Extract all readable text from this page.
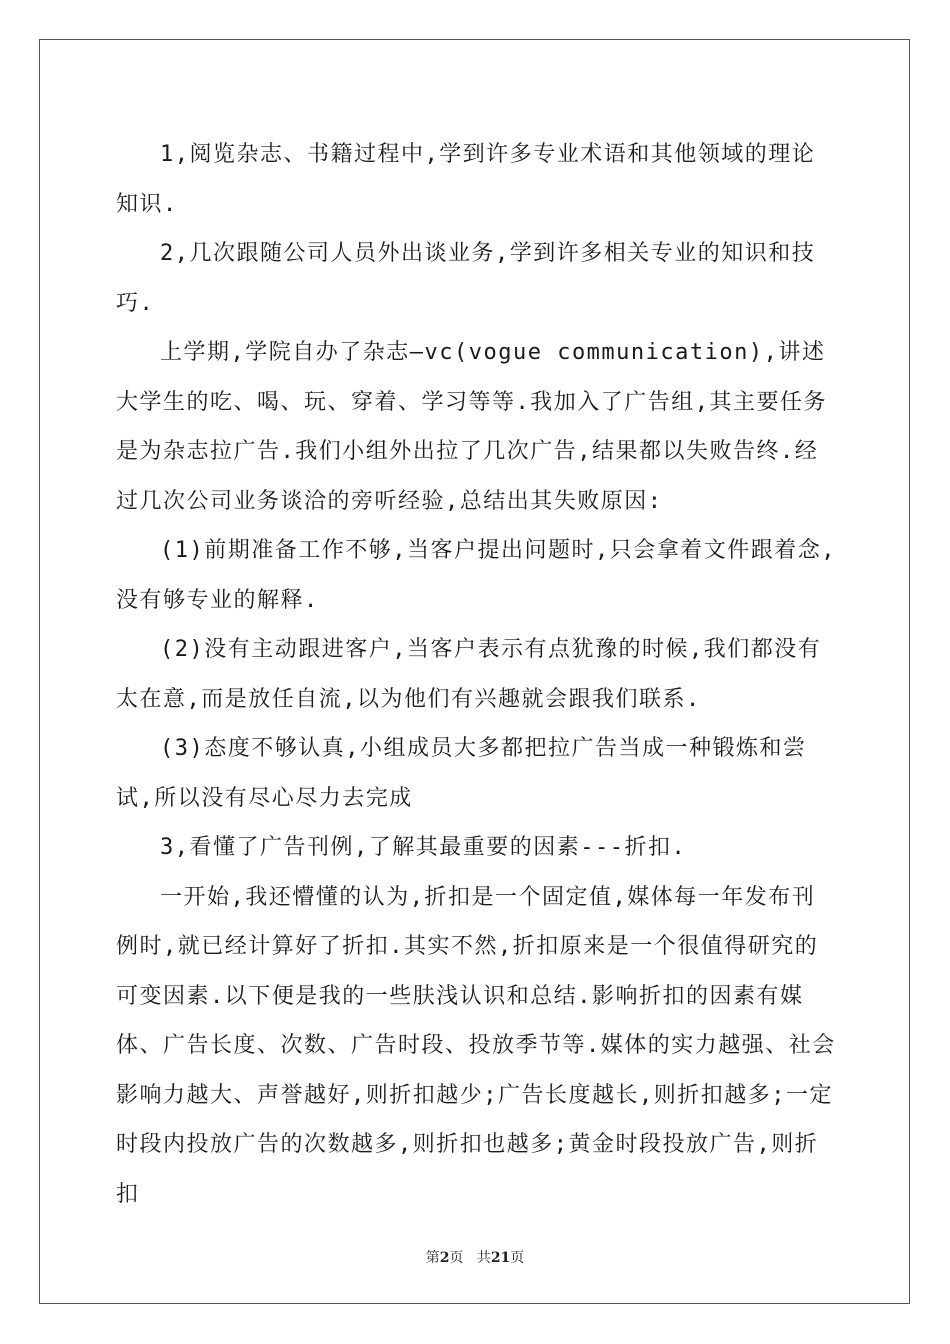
1,阅览杂志、书籍过程中,学到许多专业术语和其他领域的理论知识.

2,几次跟随公司人员外出谈业务,学到许多相关专业的知识和技巧.

上学期,学院自办了杂志—vc(vogue communication),讲述大学生的吃、喝、玩、穿着、学习等等.我加入了广告组,其主要任务是为杂志拉广告.我们小组外出拉了几次广告,结果都以失败告终.经过几次公司业务谈洽的旁听经验,总结出其失败原因:

(1)前期准备工作不够,当客户提出问题时,只会拿着文件跟着念,没有够专业的解释.

(2)没有主动跟进客户,当客户表示有点犹豫的时候,我们都没有太在意,而是放任自流,以为他们有兴趣就会跟我们联系.

(3)态度不够认真,小组成员大多都把拉广告当成一种锻炼和尝试,所以没有尽心尽力去完成

3,看懂了广告刊例,了解其最重要的因素---折扣.

一开始,我还懵懂的认为,折扣是一个固定值,媒体每一年发布刊例时,就已经计算好了折扣.其实不然,折扣原来是一个很值得研究的可变因素.以下便是我的一些肤浅认识和总结.影响折扣的因素有媒体、广告长度、次数、广告时段、投放季节等.媒体的实力越强、社会影响力越大、声誉越好,则折扣越少;广告长度越长,则折扣越多;一定时段内投放广告的次数越多,则折扣也越多;黄金时段投放广告,则折扣

第2页 共21页
